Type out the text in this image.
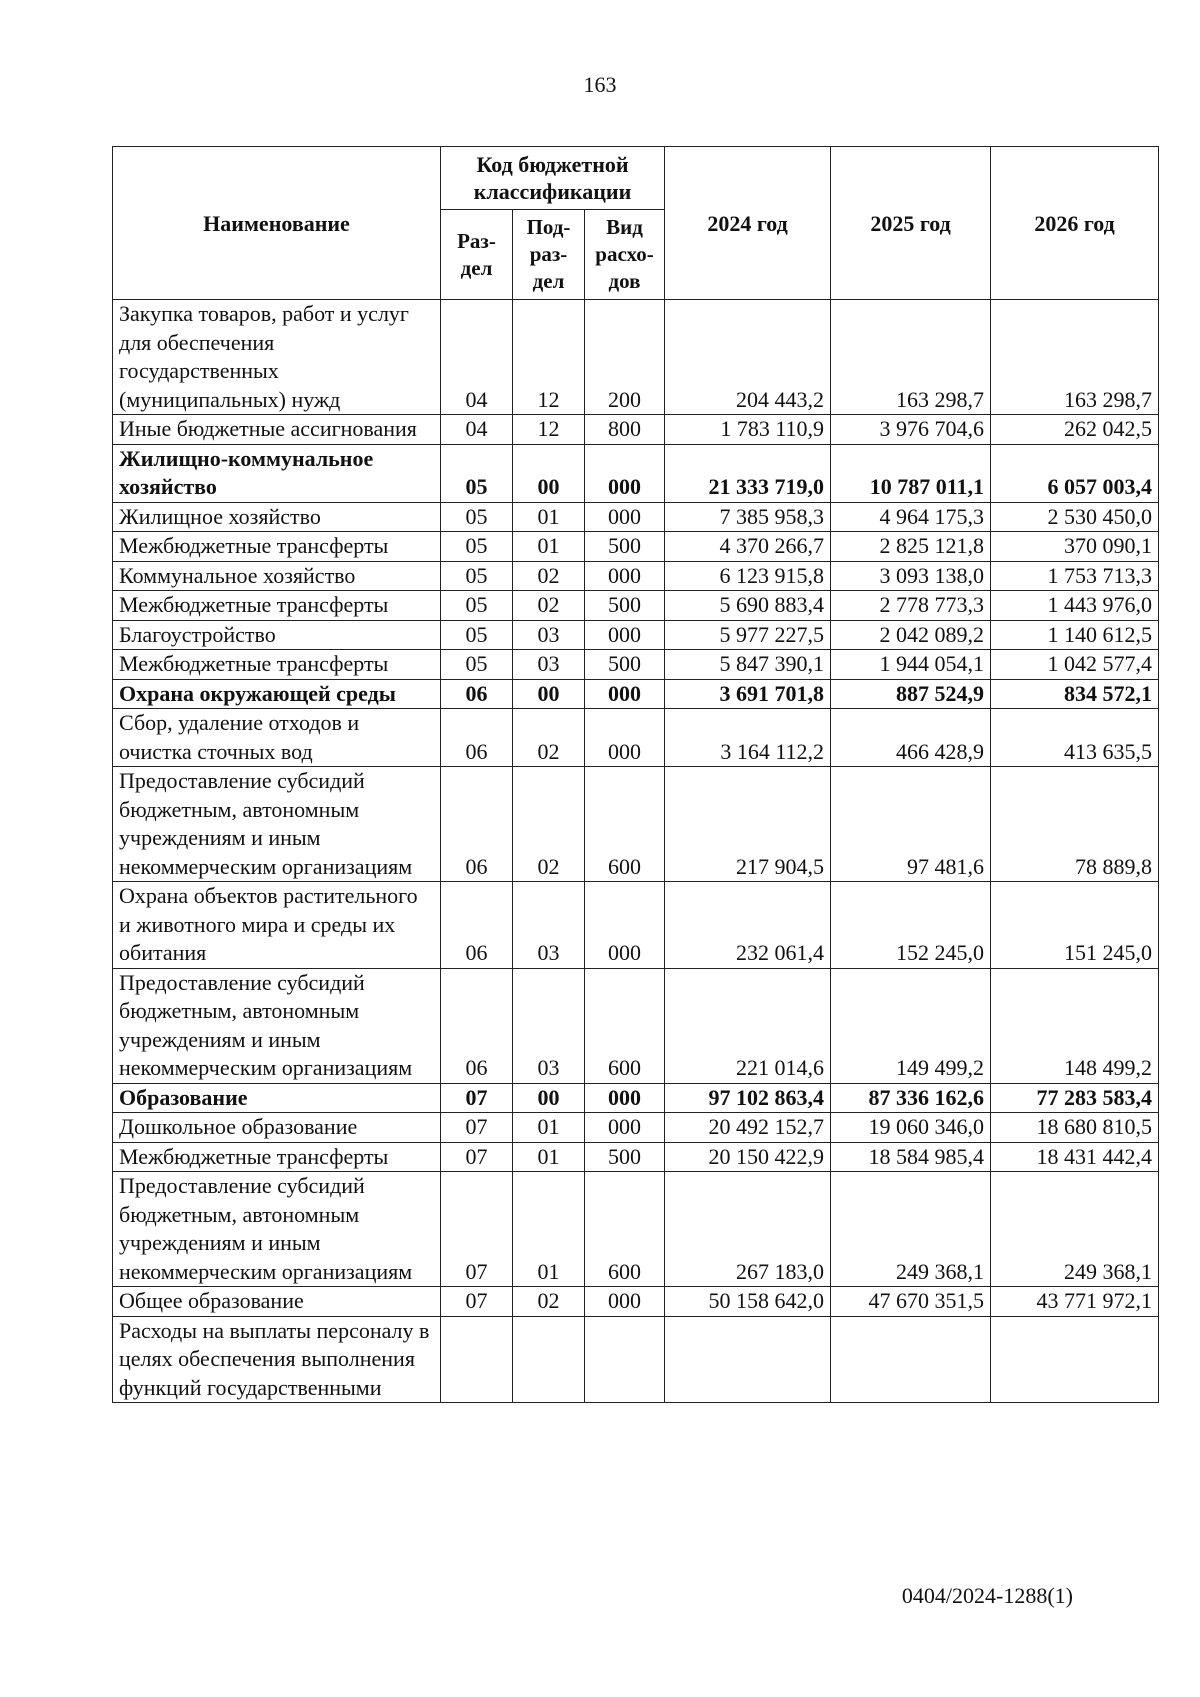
163
Наименование	Код бюджетной классификации			2024 год	2025 год	2026 год
	Раз- дел	Под- раз- дел	Вид расхо- дов			
Закупка товаров, работ и услуг для обеспечения государственных (муниципальных) нужд	04	12	200	204 443,2	163 298,7	163 298,7
Иные бюджетные ассигнования	04	12	800	1 783 110,9	3 976 704,6	262 042,5
Жилищно-коммунальное хозяйство	05	00	000	21 333 719,0	10 787 011,1	6 057 003,4
Жилищное хозяйство	05	01	000	7 385 958,3	4 964 175,3	2 530 450,0
Межбюджетные трансферты	05	01	500	4 370 266,7	2 825 121,8	370 090,1
Коммунальное хозяйство	05	02	000	6 123 915,8	3 093 138,0	1 753 713,3
Межбюджетные трансферты	05	02	500	5 690 883,4	2 778 773,3	1 443 976,0
Благоустройство	05	03	000	5 977 227,5	2 042 089,2	1 140 612,5
Межбюджетные трансферты	05	03	500	5 847 390,1	1 944 054,1	1 042 577,4
Охрана окружающей среды	06	00	000	3 691 701,8	887 524,9	834 572,1
Сбор, удаление отходов и очистка сточных вод	06	02	000	3 164 112,2	466 428,9	413 635,5
Предоставление субсидий бюджетным, автономным учреждениям и иным некоммерческим организациям	06	02	600	217 904,5	97 481,6	78 889,8
Охрана объектов растительного и животного мира и среды их обитания	06	03	000	232 061,4	152 245,0	151 245,0
Предоставление субсидий бюджетным, автономным учреждениям и иным некоммерческим организациям	06	03	600	221 014,6	149 499,2	148 499,2
Образование	07	00	000	97 102 863,4	87 336 162,6	77 283 583,4
Дошкольное образование	07	01	000	20 492 152,7	19 060 346,0	18 680 810,5
Межбюджетные трансферты	07	01	500	20 150 422,9	18 584 985,4	18 431 442,4
Предоставление субсидий бюджетным, автономным учреждениям и иным некоммерческим организациям	07	01	600	267 183,0	249 368,1	249 368,1
Общее образование	07	02	000	50 158 642,0	47 670 351,5	43 771 972,1
Расходы на выплаты персоналу в целях обеспечения выполнения функций государственными						
0404/2024-1288(1)
